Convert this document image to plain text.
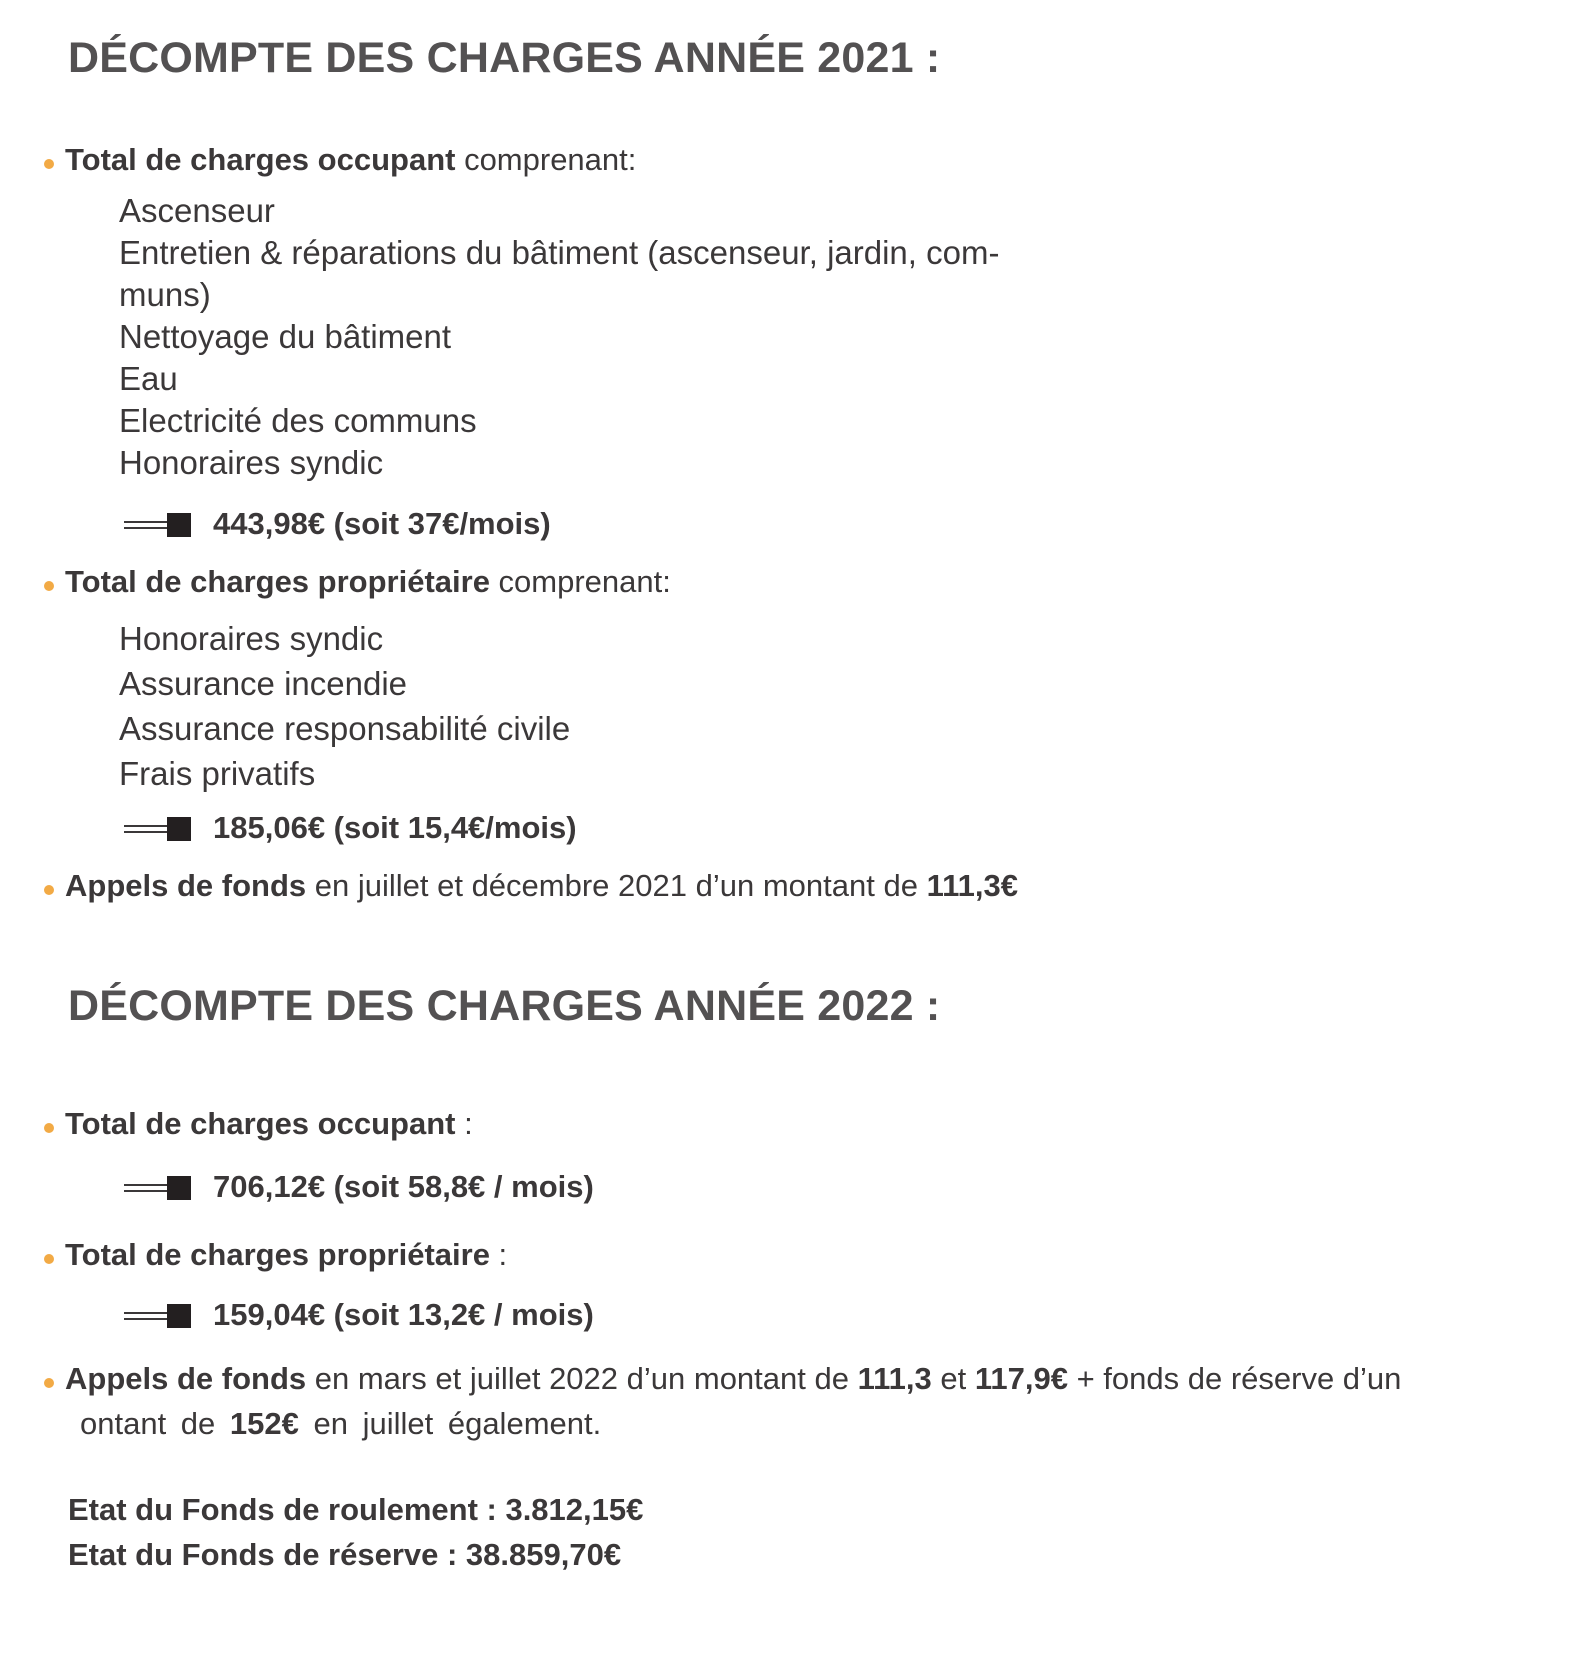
DÉCOMPTE DES CHARGES ANNÉE 2021 :
Total de charges occupant comprenant:
Ascenseur
Entretien & réparations du bâtiment (ascenseur, jardin, com-
muns)
Nettoyage du bâtiment
Eau
Electricité des communs
Honoraires syndic
443,98€ (soit 37€/mois)
Total de charges propriétaire comprenant:
Honoraires syndic
Assurance incendie
Assurance responsabilité civile
Frais privatifs
185,06€ (soit 15,4€/mois)
Appels de fonds en juillet et décembre 2021 d’un montant de 111,3€
DÉCOMPTE DES CHARGES ANNÉE 2022 :
Total de charges occupant :
706,12€ (soit 58,8€ / mois)
Total de charges propriétaire :
159,04€ (soit 13,2€ / mois)
Appels de fonds en mars et juillet 2022 d’un montant de 111,3 et 117,9€ + fonds de réserve d’un
ontant de 152€ en juillet également.
Etat du Fonds de roulement : 3.812,15€
Etat du Fonds de réserve : 38.859,70€
